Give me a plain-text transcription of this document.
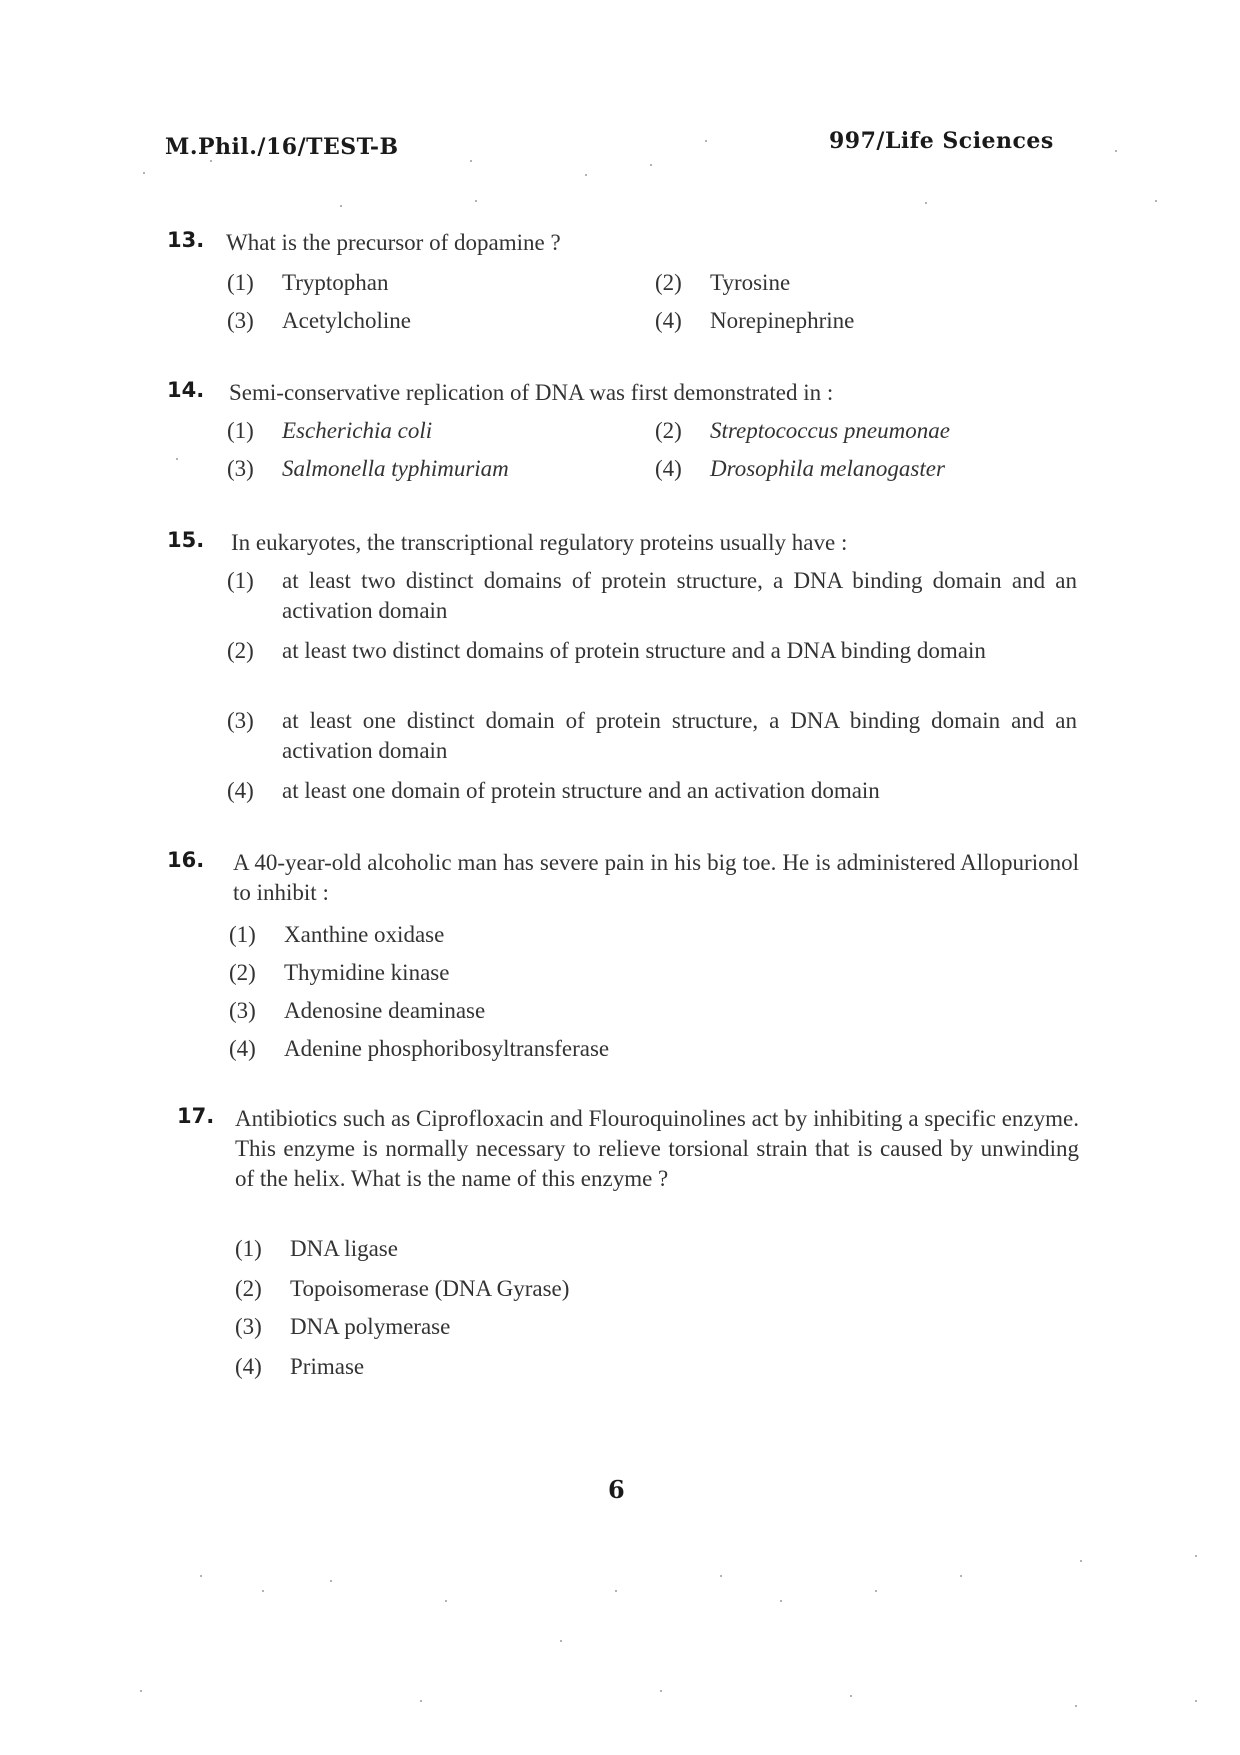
M.Phil./16/TEST-B	997/Life Sciences
13. What is the precursor of dopamine ?
(1) Tryptophan	(2) Tyrosine
(3) Acetylcholine	(4) Norepinephrine
14. Semi-conservative replication of DNA was first demonstrated in :
(1) Escherichia coli	(2) Streptococcus pneumonae
(3) Salmonella typhimuriam	(4) Drosophila melanogaster
15. In eukaryotes, the transcriptional regulatory proteins usually have :
(1) at least two distinct domains of protein structure, a DNA binding domain and an activation domain
(2) at least two distinct domains of protein structure and a DNA binding domain
(3) at least one distinct domain of protein structure, a DNA binding domain and an activation domain
(4) at least one domain of protein structure and an activation domain
16. A 40-year-old alcoholic man has severe pain in his big toe. He is administered Allopurionol to inhibit :
(1) Xanthine oxidase
(2) Thymidine kinase
(3) Adenosine deaminase
(4) Adenine phosphoribosyltransferase
17. Antibiotics such as Ciprofloxacin and Flouroquinolines act by inhibiting a specific enzyme. This enzyme is normally necessary to relieve torsional strain that is caused by unwinding of the helix. What is the name of this enzyme ?
(1) DNA ligase
(2) Topoisomerase (DNA Gyrase)
(3) DNA polymerase
(4) Primase
6
